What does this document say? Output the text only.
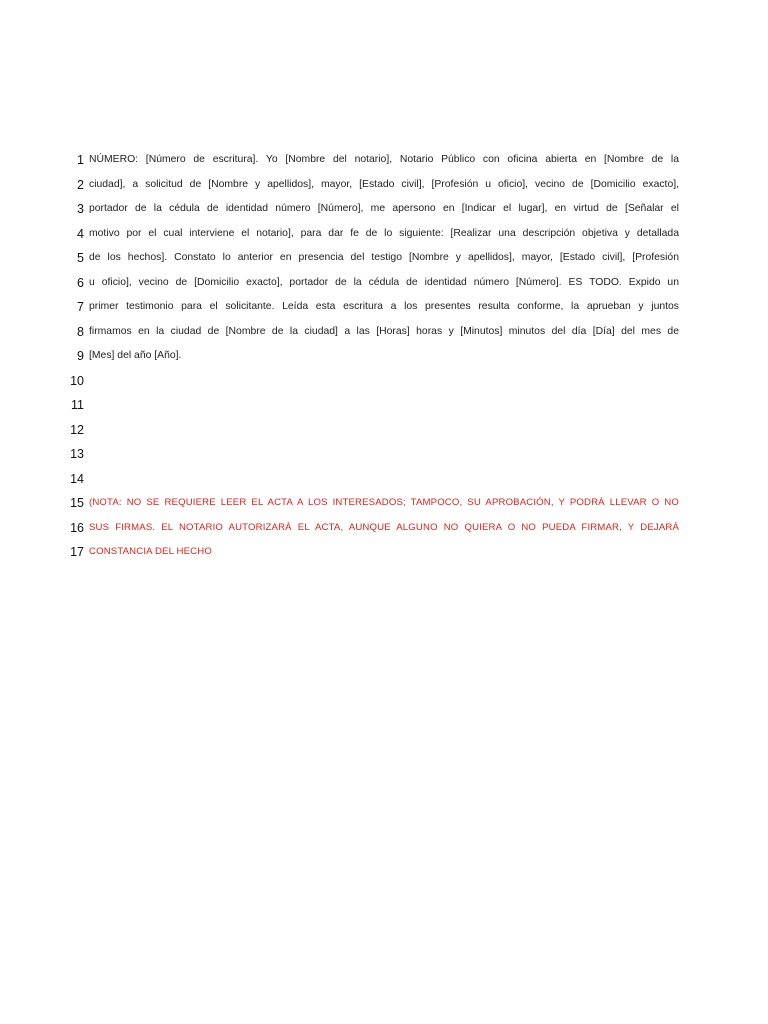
1 NÚMERO: [Número de escritura]. Yo [Nombre del notario], Notario Público con oficina abierta en [Nombre de la
2 ciudad], a solicitud de [Nombre y apellidos], mayor, [Estado civil], [Profesión u oficio], vecino de [Domicilio exacto],
3 portador de la cédula de identidad número [Número], me apersono en [Indicar el lugar], en virtud de [Señalar el
4 motivo por el cual interviene el notario], para dar fe de lo siguiente: [Realizar una descripción objetiva y detallada
5 de los hechos]. Constato lo anterior en presencia del testigo [Nombre y apellidos], mayor, [Estado civil], [Profesión
6 u oficio], vecino de [Domicilio exacto], portador de la cédula de identidad número [Número]. ES TODO. Expido un
7 primer testimonio para el solicitante. Leída esta escritura a los presentes resulta conforme, la aprueban y juntos
8 firmamos en la ciudad de [Nombre de la ciudad] a las [Horas] horas y [Minutos] minutos del día [Día] del mes de
9 [Mes] del año [Año].
10
11
12
13
14
15 (NOTA: NO SE REQUIERE LEER EL ACTA A LOS INTERESADOS; TAMPOCO, SU APROBACIÓN, Y PODRÁ LLEVAR O NO
16 SUS FIRMAS. EL NOTARIO AUTORIZARÁ EL ACTA, AUNQUE ALGUNO NO QUIERA O NO PUEDA FIRMAR, Y DEJARÁ
17 CONSTANCIA DEL HECHO
